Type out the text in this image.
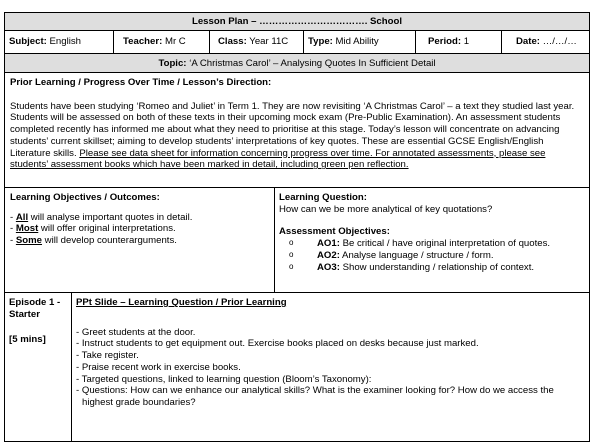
Lesson Plan – ……………………………. School
Subject: English	Teacher: Mr C	Class: Year 11C	Type: Mid Ability	Period: 1	Date: …/…/…
Topic: ‘A Christmas Carol’ – Analysing Quotes In Sufficient Detail

Prior Learning / Progress Over Time / Lesson’s Direction:

Students have been studying ‘Romeo and Juliet’ in Term 1. They are now revisiting ‘A Christmas Carol’ – a text they studied last year. Students will be assessed on both of these texts in their upcoming mock exam (Pre-Public Examination). An assessment students completed recently has informed me about what they need to prioritise at this stage. Today’s lesson will concentrate on advancing students’ current skillset; aiming to develop students’ interpretations of key quotes. These are essential GCSE English/English Literature skills. Please see data sheet for information concerning progress over time. For annotated assessments, please see students’ assessment books which have been marked in detail, including green pen reflection.

Learning Objectives / Outcomes:

- All will analyse important quotes in detail.
- Most will offer original interpretations.
- Some will develop counterarguments.

Learning Question:

How can we be more analytical of key quotations?

Assessment Objectives:

o AO1: Be critical / have original interpretation of quotes.
o AO2: Analyse language / structure / form.
o AO3: Show understanding / relationship of context.

Episode 1 -
Starter

[5 mins]

PPt Slide – Learning Question / Prior Learning

- Greet students at the door.
- Instruct students to get equipment out. Exercise books placed on desks because just marked.
- Take register.
- Praise recent work in exercise books.
- Targeted questions, linked to learning question (Bloom’s Taxonomy):
- Questions: How can we enhance our analytical skills? What is the examiner looking for? How do we access the highest grade boundaries?
